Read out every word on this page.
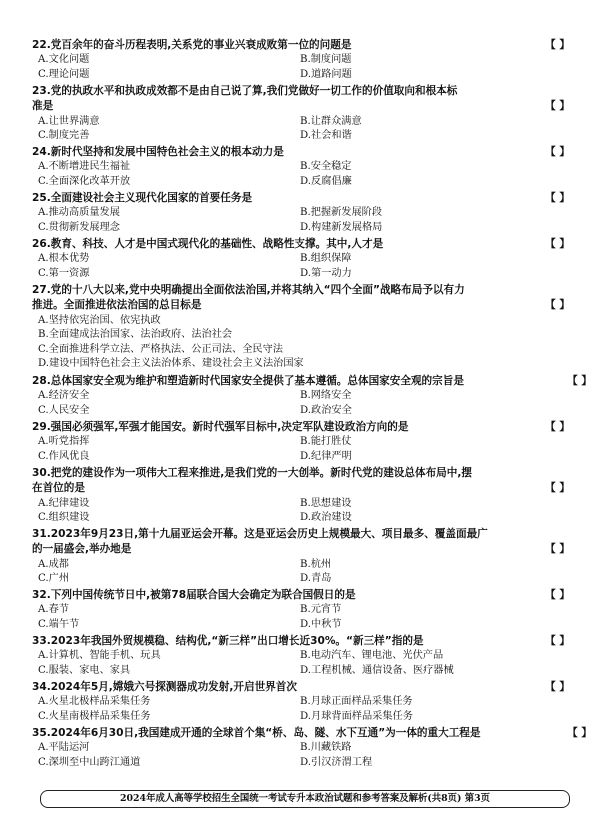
22.党百余年的奋斗历程表明,关系党的事业兴衰成败第一位的问题是	【 】
A.文化问题	B.制度问题
C.理论问题	D.道路问题
23.党的执政水平和执政成效都不是由自己说了算,我们党做好一切工作的价值取向和根本标
准是	【 】
A.让世界满意	B.让群众满意
C.制度完善	D.社会和谐
24.新时代坚持和发展中国特色社会主义的根本动力是	【 】
A.不断增进民生福祉	B.安全稳定
C.全面深化改革开放	D.反腐倡廉
25.全面建设社会主义现代化国家的首要任务是	【 】
A.推动高质量发展	B.把握新发展阶段
C.贯彻新发展理念	D.构建新发展格局
26.教育、科技、人才是中国式现代化的基础性、战略性支撑。其中,人才是	【 】
A.根本优势	B.组织保障
C.第一资源	D.第一动力
27.党的十八大以来,党中央明确提出全面依法治国,并将其纳入“四个全面”战略布局予以有力
推进。全面推进依法治国的总目标是	【 】
A.坚持依宪治国、依宪执政
B.全面建成法治国家、法治政府、法治社会
C.全面推进科学立法、严格执法、公正司法、全民守法
D.建设中国特色社会主义法治体系、建设社会主义法治国家
28.总体国家安全观为维护和塑造新时代国家安全提供了基本遵循。总体国家安全观的宗旨是	【 】
A.经济安全	B.网络安全
C.人民安全	D.政治安全
29.强国必须强军,军强才能国安。新时代强军目标中,决定军队建设政治方向的是	【 】
A.听党指挥	B.能打胜仗
C.作风优良	D.纪律严明
30.把党的建设作为一项伟大工程来推进,是我们党的一大创举。新时代党的建设总体布局中,摆
在首位的是	【 】
A.纪律建设	B.思想建设
C.组织建设	D.政治建设
31.2023年9月23日,第十九届亚运会开幕。这是亚运会历史上规模最大、项目最多、覆盖面最广
的一届盛会,举办地是	【 】
A.成都	B.杭州
C.广州	D.青岛
32.下列中国传统节日中,被第78届联合国大会确定为联合国假日的是	【 】
A.春节	B.元宵节
C.端午节	D.中秋节
33.2023年我国外贸规模稳、结构优,“新三样”出口增长近30%。“新三样”指的是	【 】
A.计算机、智能手机、玩具	B.电动汽车、锂电池、光伏产品
C.服装、家电、家具	D.工程机械、通信设备、医疗器械
34.2024年5月,嫦娥六号探测器成功发射,开启世界首次	【 】
A.火星北极样品采集任务	B.月球正面样品采集任务
C.火星南极样品采集任务	D.月球背面样品采集任务
35.2024年6月30日,我国建成开通的全球首个集“桥、岛、隧、水下互通”为一体的重大工程是	【 】
A.平陆运河	B.川藏铁路
C.深圳至中山跨江通道	D.引汉济渭工程
2024年成人高等学校招生全国统一考试专升本政治试题和参考答案及解析(共8页) 第3页
